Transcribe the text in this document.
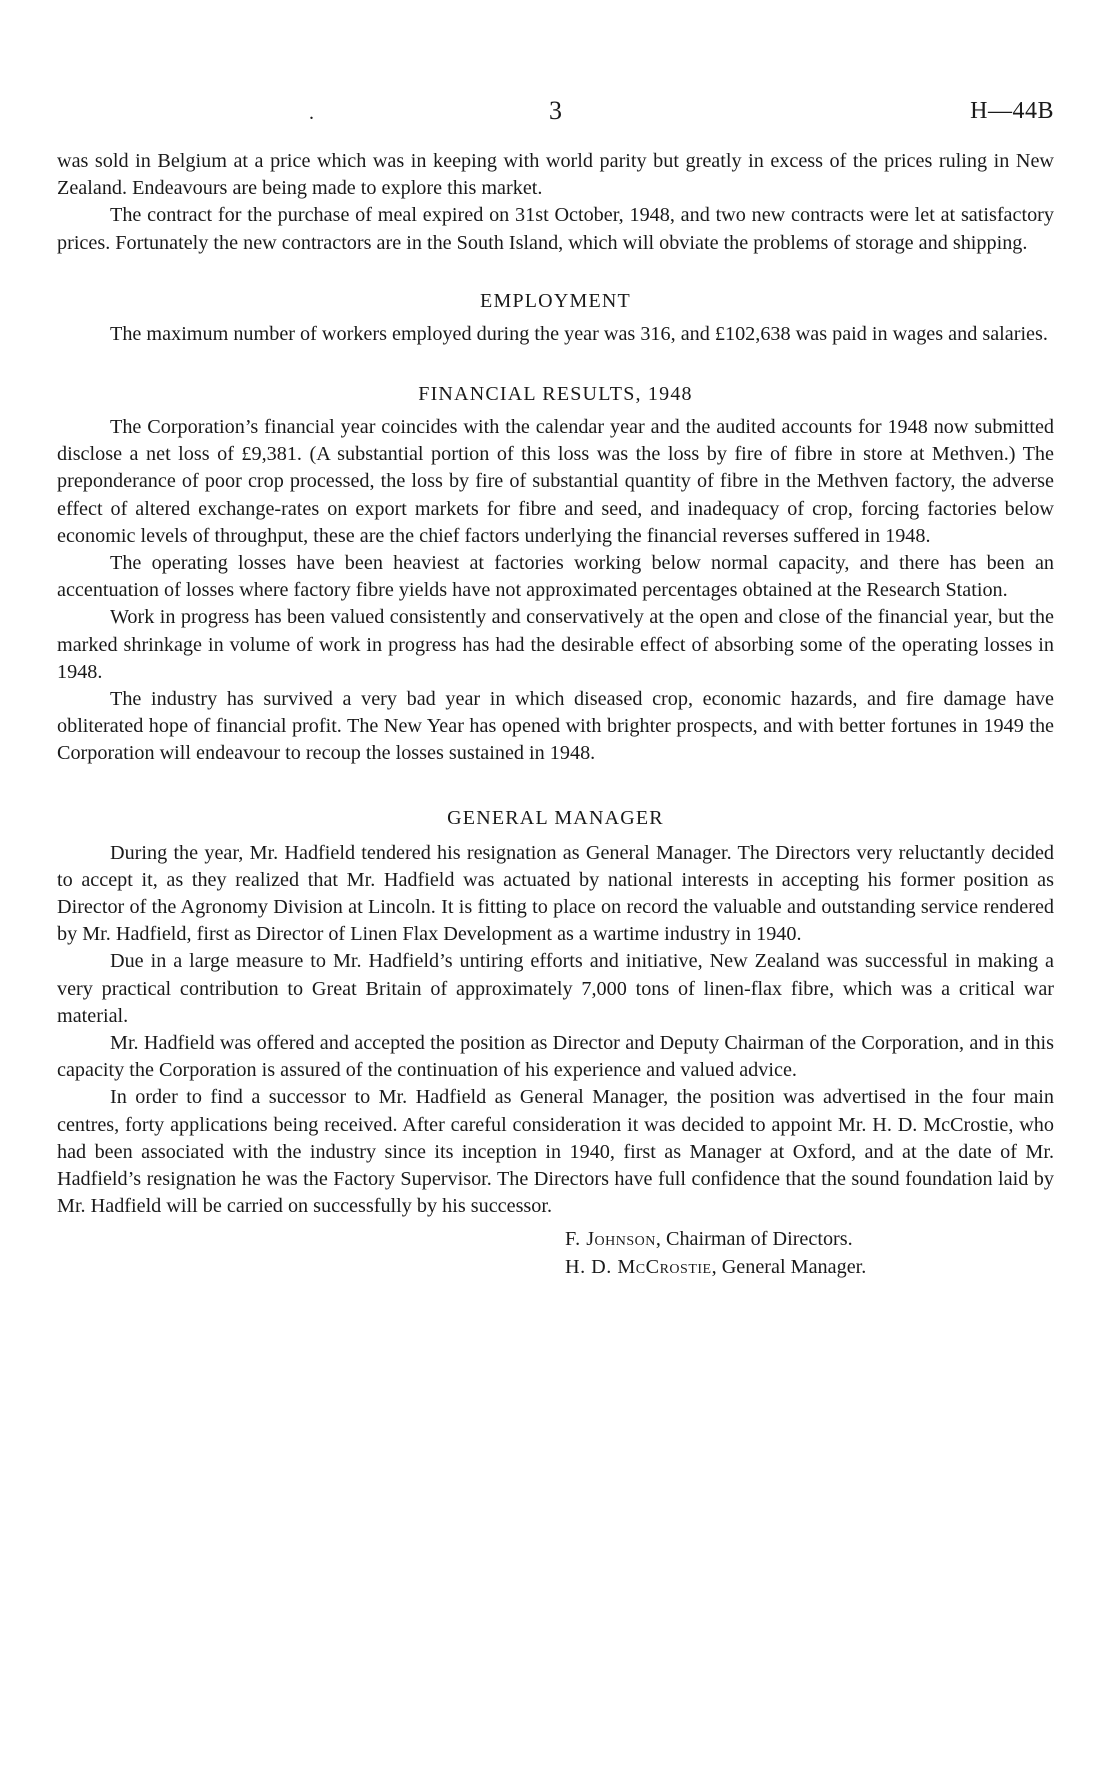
.	3	H—44B

was sold in Belgium at a price which was in keeping with world parity but greatly in excess of the prices ruling in New Zealand. Endeavours are being made to explore this market.

The contract for the purchase of meal expired on 31st October, 1948, and two new contracts were let at satisfactory prices. Fortunately the new contractors are in the South Island, which will obviate the problems of storage and shipping.

EMPLOYMENT

The maximum number of workers employed during the year was 316, and £102,638 was paid in wages and salaries.

FINANCIAL RESULTS, 1948

The Corporation’s financial year coincides with the calendar year and the audited accounts for 1948 now submitted disclose a net loss of £9,381. (A substantial portion of this loss was the loss by fire of fibre in store at Methven.) The preponderance of poor crop processed, the loss by fire of substantial quantity of fibre in the Methven factory, the adverse effect of altered exchange-rates on export markets for fibre and seed, and inadequacy of crop, forcing factories below economic levels of throughput, these are the chief factors underlying the financial reverses suffered in 1948.

The operating losses have been heaviest at factories working below normal capacity, and there has been an accentuation of losses where factory fibre yields have not approximated percentages obtained at the Research Station.

Work in progress has been valued consistently and conservatively at the open and close of the financial year, but the marked shrinkage in volume of work in progress has had the desirable effect of absorbing some of the operating losses in 1948.

The industry has survived a very bad year in which diseased crop, economic hazards, and fire damage have obliterated hope of financial profit. The New Year has opened with brighter prospects, and with better fortunes in 1949 the Corporation will endeavour to recoup the losses sustained in 1948.

GENERAL MANAGER

During the year, Mr. Hadfield tendered his resignation as General Manager. The Directors very reluctantly decided to accept it, as they realized that Mr. Hadfield was actuated by national interests in accepting his former position as Director of the Agronomy Division at Lincoln. It is fitting to place on record the valuable and outstanding service rendered by Mr. Hadfield, first as Director of Linen Flax Development as a wartime industry in 1940.

Due in a large measure to Mr. Hadfield’s untiring efforts and initiative, New Zealand was successful in making a very practical contribution to Great Britain of approximately 7,000 tons of linen-flax fibre, which was a critical war material.

Mr. Hadfield was offered and accepted the position as Director and Deputy Chairman of the Corporation, and in this capacity the Corporation is assured of the continuation of his experience and valued advice.

In order to find a successor to Mr. Hadfield as General Manager, the position was advertised in the four main centres, forty applications being received. After careful consideration it was decided to appoint Mr. H. D. McCrostie, who had been associated with the industry since its inception in 1940, first as Manager at Oxford, and at the date of Mr. Hadfield’s resignation he was the Factory Supervisor. The Directors have full confidence that the sound foundation laid by Mr. Hadfield will be carried on successfully by his successor.

F. Johnson, Chairman of Directors.
H. D. McCrostie, General Manager.
